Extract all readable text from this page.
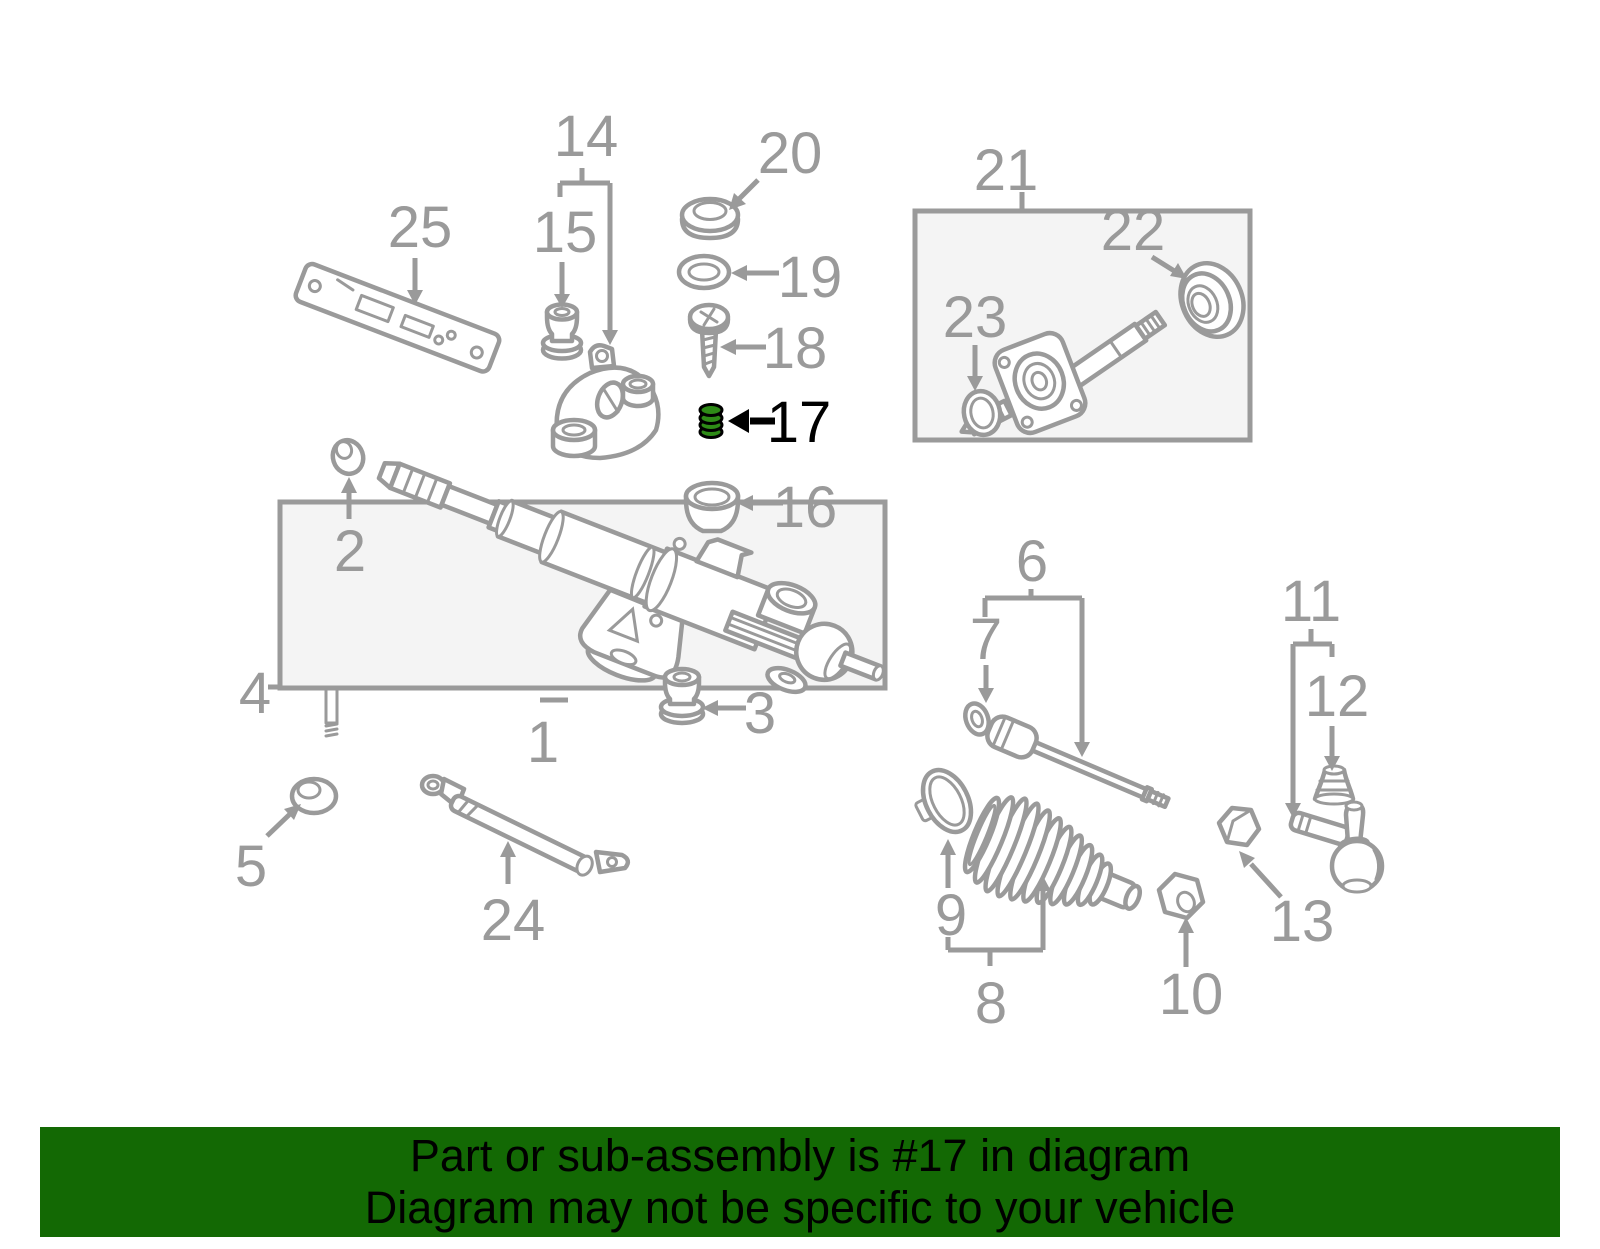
1
2
3
4
5
6
7
8
9
10
11
12
13
14
15
16
18
19
20	21
22
23
24
25
17
Part or sub-assembly is #17 in diagram
Diagram may not be specific to your vehicle
